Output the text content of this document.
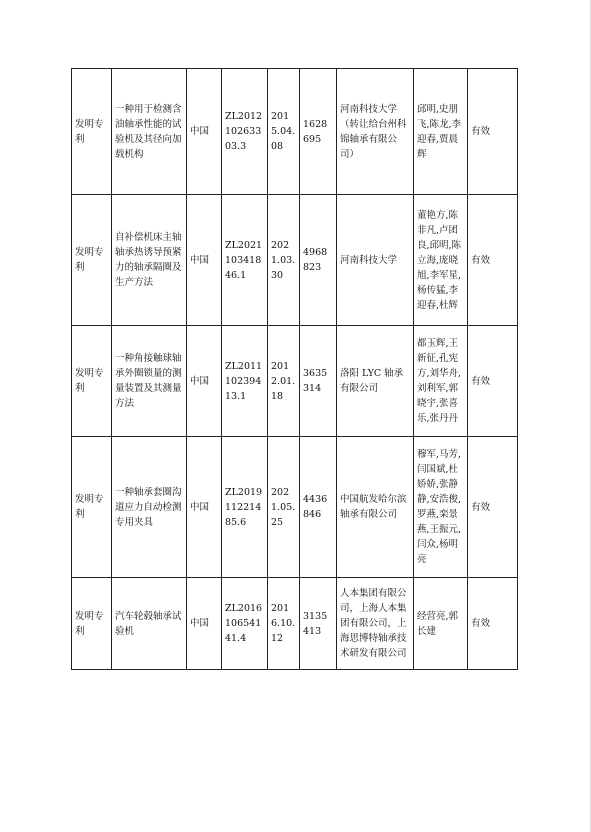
发明专利	一种用于检测含油轴承性能的试验机及其径向加载机构	中国	ZL201210263303.3	2015.04.08	1628695	河南科技大学（转让给台州科锦轴承有限公司）	邱明,史朋飞,陈龙,李迎春,贾晨辉	有效
发明专利	自补偿机床主轴轴承热诱导预紧力的轴承隔圈及生产方法	中国	ZL202110341846.1	2021.03.30	4968823	河南科技大学	董艳方,陈非凡,卢团良,邱明,陈立海,庞晓旭,李军星,杨传猛,李迎春,杜辉	有效
发明专利	一种角接触球轴承外圈锁量的测量装置及其测量方法	中国	ZL201110239413.1	2012.01.18	3635314	洛阳 LYC 轴承有限公司	都玉辉,王新征,孔宪方,刘华舟,刘利军,郭晓宇,张喜乐,张丹丹	有效
发明专利	一种轴承套圈沟道应力自动检测专用夹具	中国	ZL201911221485.6	2021.05.25	4436846	中国航发哈尔滨轴承有限公司	穆军,马芳,闫国斌,杜娇娇,张静静,安浩俊,罗燕,栾景燕,王振元,闫众,杨明亮	有效
发明专利	汽车轮毂轴承试验机	中国	ZL201610654141.4	2016.10.12	3135413	人本集团有限公司，上海人本集团有限公司，上海思博特轴承技术研发有限公司	经营亮,郭长建	有效
